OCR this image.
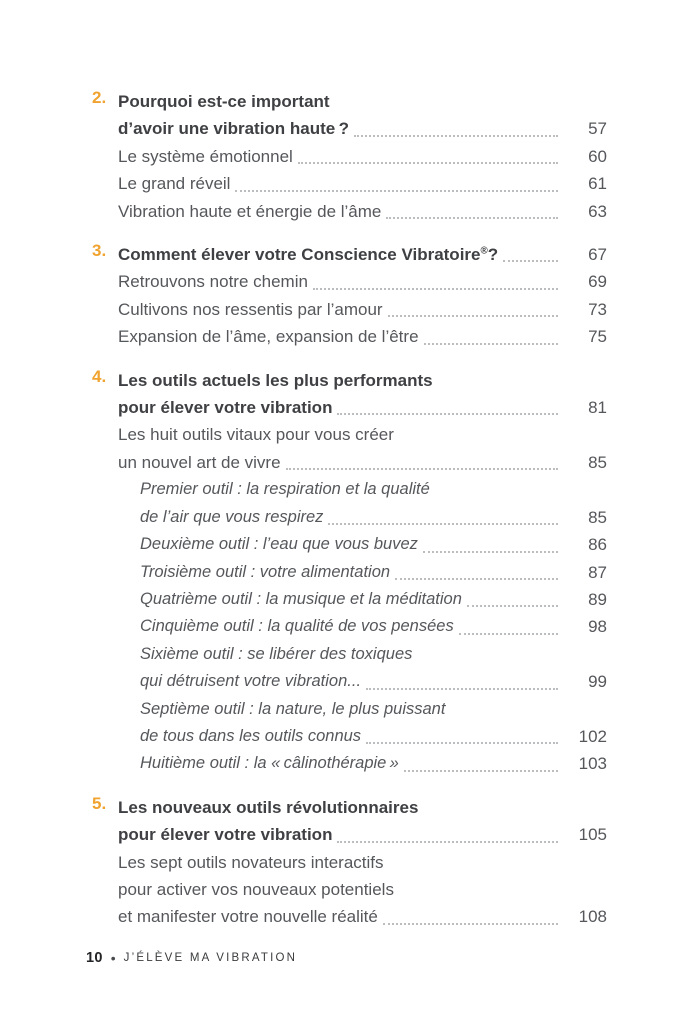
2. Pourquoi est-ce important
d’avoir une vibration haute ?	57
Le système émotionnel	60
Le grand réveil	61
Vibration haute et énergie de l’âme	63
3. Comment élever votre Conscience Vibratoire®?	67
Retrouvons notre chemin	69
Cultivons nos ressentis par l’amour	73
Expansion de l’âme, expansion de l’être	75
4. Les outils actuels les plus performants
pour élever votre vibration	81
Les huit outils vitaux pour vous créer
un nouvel art de vivre	85
Premier outil : la respiration et la qualité
de l’air que vous respirez	85
Deuxième outil : l’eau que vous buvez	86
Troisième outil : votre alimentation	87
Quatrième outil : la musique et la méditation	89
Cinquième outil : la qualité de vos pensées	98
Sixième outil : se libérer des toxiques
qui détruisent votre vibration...	99
Septième outil : la nature, le plus puissant
de tous dans les outils connus	102
Huitième outil : la « câlinothérapie »	103
5. Les nouveaux outils révolutionnaires
pour élever votre vibration	105
Les sept outils novateurs interactifs
pour activer vos nouveaux potentiels
et manifester votre nouvelle réalité	108
10 • J’ÉLÈVE MA VIBRATION
